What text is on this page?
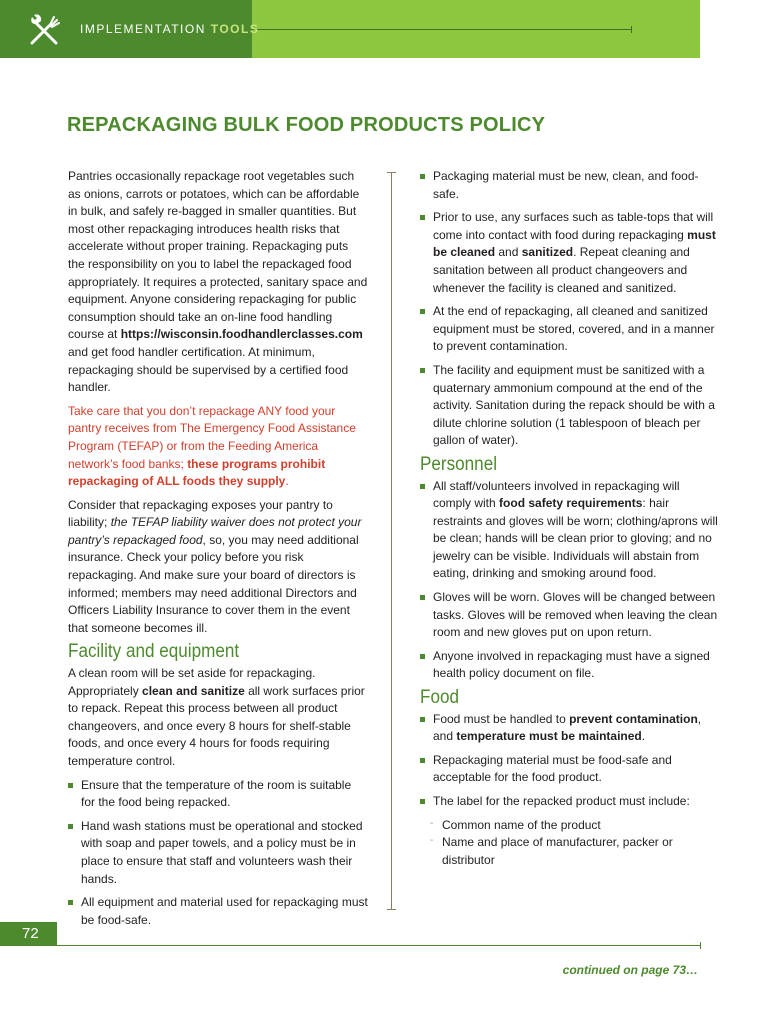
IMPLEMENTATION TOOLS
REPACKAGING BULK FOOD PRODUCTS POLICY

Pantries occasionally repackage root vegetables such as onions, carrots or potatoes, which can be affordable in bulk, and safely re-bagged in smaller quantities. But most other repackaging introduces health risks that accelerate without proper training. Repackaging puts the responsibility on you to label the repackaged food appropriately. It requires a protected, sanitary space and equipment. Anyone considering repackaging for public consumption should take an on-line food handling course at https://wisconsin.foodhandlerclasses.com and get food handler certification. At minimum, repackaging should be supervised by a certified food handler.

Take care that you don’t repackage ANY food your pantry receives from The Emergency Food Assistance Program (TEFAP) or from the Feeding America network’s food banks; these programs prohibit repackaging of ALL foods they supply.

Consider that repackaging exposes your pantry to liability; the TEFAP liability waiver does not protect your pantry’s repackaged food, so, you may need additional insurance. Check your policy before you risk repackaging. And make sure your board of directors is informed; members may need additional Directors and Officers Liability Insurance to cover them in the event that someone becomes ill.

Facility and equipment

A clean room will be set aside for repackaging. Appropriately clean and sanitize all work surfaces prior to repack. Repeat this process between all product changeovers, and once every 8 hours for shelf-stable foods, and once every 4 hours for foods requiring temperature control.

Ensure that the temperature of the room is suitable for the food being repacked.
Hand wash stations must be operational and stocked with soap and paper towels, and a policy must be in place to ensure that staff and volunteers wash their hands.
All equipment and material used for repackaging must be food-safe.
Packaging material must be new, clean, and food-safe.
Prior to use, any surfaces such as table-tops that will come into contact with food during repackaging must be cleaned and sanitized. Repeat cleaning and sanitation between all product changeovers and whenever the facility is cleaned and sanitized.
At the end of repackaging, all cleaned and sanitized equipment must be stored, covered, and in a manner to prevent contamination.
The facility and equipment must be sanitized with a quaternary ammonium compound at the end of the activity. Sanitation during the repack should be with a dilute chlorine solution (1 tablespoon of bleach per gallon of water).
Personnel
All staff/volunteers involved in repackaging will comply with food safety requirements: hair restraints and gloves will be worn; clothing/aprons will be clean; hands will be clean prior to gloving; and no jewelry can be visible. Individuals will abstain from eating, drinking and smoking around food.
Gloves will be worn. Gloves will be changed between tasks. Gloves will be removed when leaving the clean room and new gloves put on upon return.
Anyone involved in repackaging must have a signed health policy document on file.
Food
Food must be handled to prevent contamination, and temperature must be maintained.
Repackaging material must be food-safe and acceptable for the food product.
The label for the repacked product must include:
- Common name of the product
- Name and place of manufacturer, packer or distributor
72
continued on page 73…
